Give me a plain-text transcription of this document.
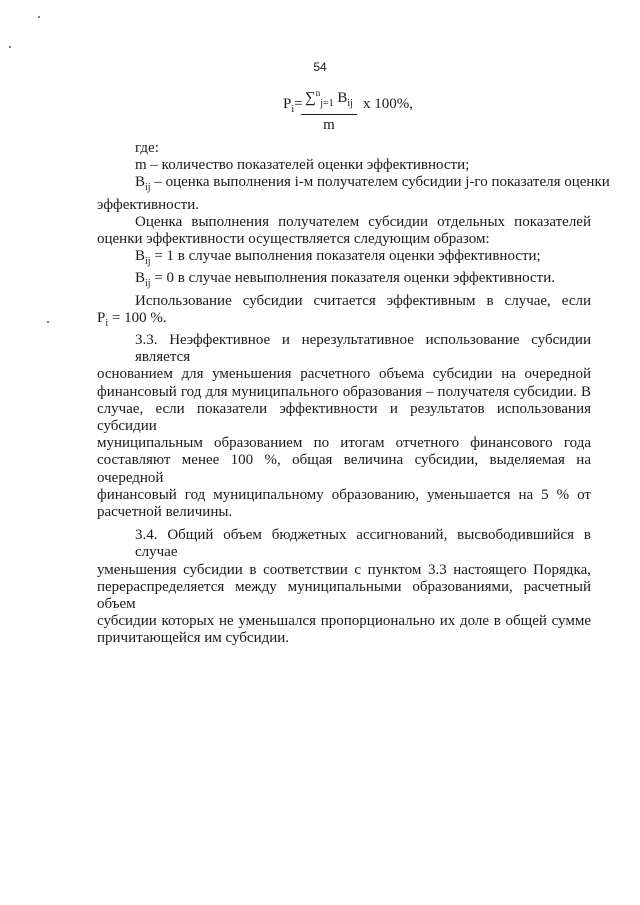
54
$P_i= \sum^n_{j=1}$ $B_{ij}$
m
x 100%,
где:
m – количество показателей оценки эффективности;
$B_{ij}$ – оценка выполнения i-м получателем субсидии j-го показателя оценки
эффективности.
Оценка выполнения получателем субсидии отдельных показателей
оценки эффективности осуществляется следующим образом:
$B_{ij} = 1$ в случае выполнения показателя оценки эффективности;
$B_{ij} = 0$ в случае невыполнения показателя оценки эффективности.
Использование субсидии считается эффективным в случае, если
$P_i = 100$ %.
3.3. Неэффективное и нерезультативное использование субсидии является
основанием для уменьшения расчетного объема субсидии на очередной
финансовый год для муниципального образования – получателя субсидии. В
случае, если показатели эффективности и результатов использования субсидии
муниципальным образованием по итогам отчетного финансового года
составляют менее 100 %, общая величина субсидии, выделяемая на очередной
финансовый год муниципальному образованию, уменьшается на 5 % от
расчетной величины.
3.4. Общий объем бюджетных ассигнований, высвободившийся в случае
уменьшения субсидии в соответствии с пунктом 3.3 настоящего Порядка,
перераспределяется между муниципальными образованиями, расчетный объем
субсидии которых не уменьшался пропорционально их доле в общей сумме
причитающейся им субсидии.
